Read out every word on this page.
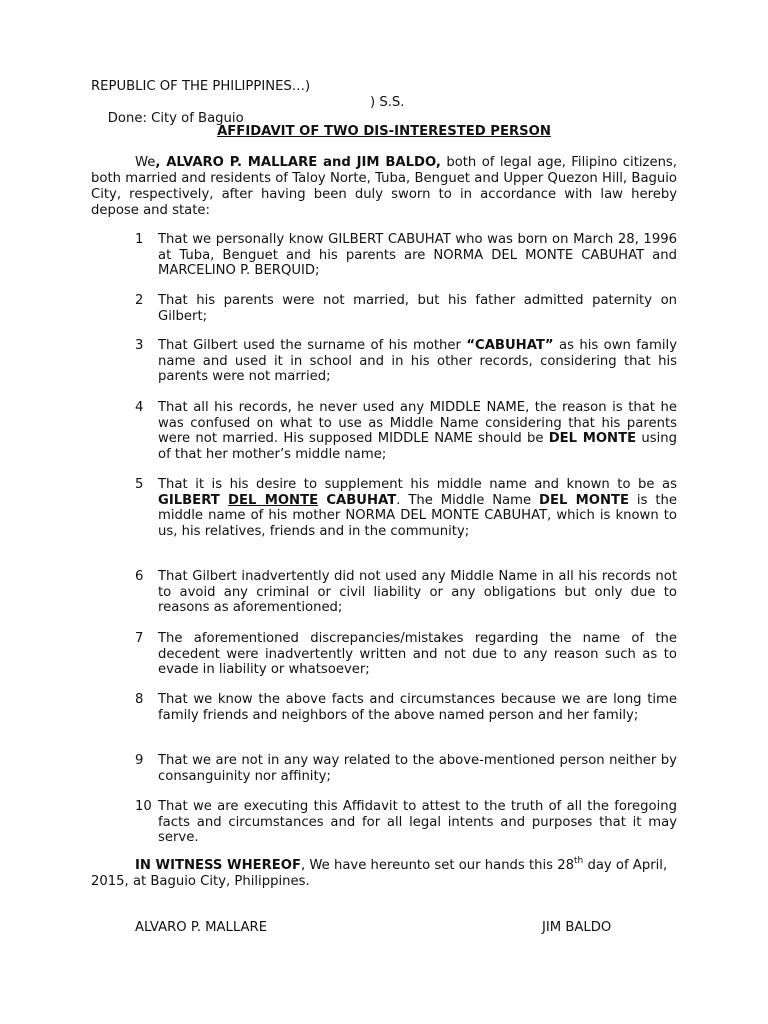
REPUBLIC OF THE PHILIPPINES…)

Done: City of Baguio

) S.S.

AFFIDAVIT OF TWO DIS-INTERESTED PERSON
We, ALVARO P. MALLARE and JIM BALDO, both of legal age, Filipino citizens, both married and residents of Taloy Norte, Tuba, Benguet and Upper Quezon Hill, Baguio City, respectively, after having been duly sworn to in accordance with law hereby depose and state:
1	That we personally know GILBERT CABUHAT who was born on March 28, 1996 at Tuba, Benguet and his parents are NORMA DEL MONTE CABUHAT and MARCELINO P. BERQUID;
2	That his parents were not married, but his father admitted paternity on Gilbert;
3	That Gilbert used the surname of his mother “CABUHAT” as his own family name and used it in school and in his other records, considering that his parents were not married;
4	That all his records, he never used any MIDDLE NAME, the reason is that he was confused on what to use as Middle Name considering that his parents were not married. His supposed MIDDLE NAME should be DEL MONTE using of that her mother’s middle name;
5	That it is his desire to supplement his middle name and known to be as GILBERT DEL MONTE CABUHAT. The Middle Name DEL MONTE is the middle name of his mother NORMA DEL MONTE CABUHAT, which is known to us, his relatives, friends and in the community;
6	That Gilbert inadvertently did not used any Middle Name in all his records not to avoid any criminal or civil liability or any obligations but only due to reasons as aforementioned;
7	The aforementioned discrepancies/mistakes regarding the name of the decedent were inadvertently written and not due to any reason such as to evade in liability or whatsoever;
8	That we know the above facts and circumstances because we are long time family friends and neighbors of the above named person and her family;
9	That we are not in any way related to the above-mentioned person neither by consanguinity nor affinity;
10 That we are executing this Affidavit to attest to the truth of all the foregoing facts and circumstances and for all legal intents and purposes that it may serve.
IN WITNESS WHEREOF, We have hereunto set our hands this 28th day of April, 2015, at Baguio City, Philippines.
ALVARO P. MALLARE	JIM BALDO
